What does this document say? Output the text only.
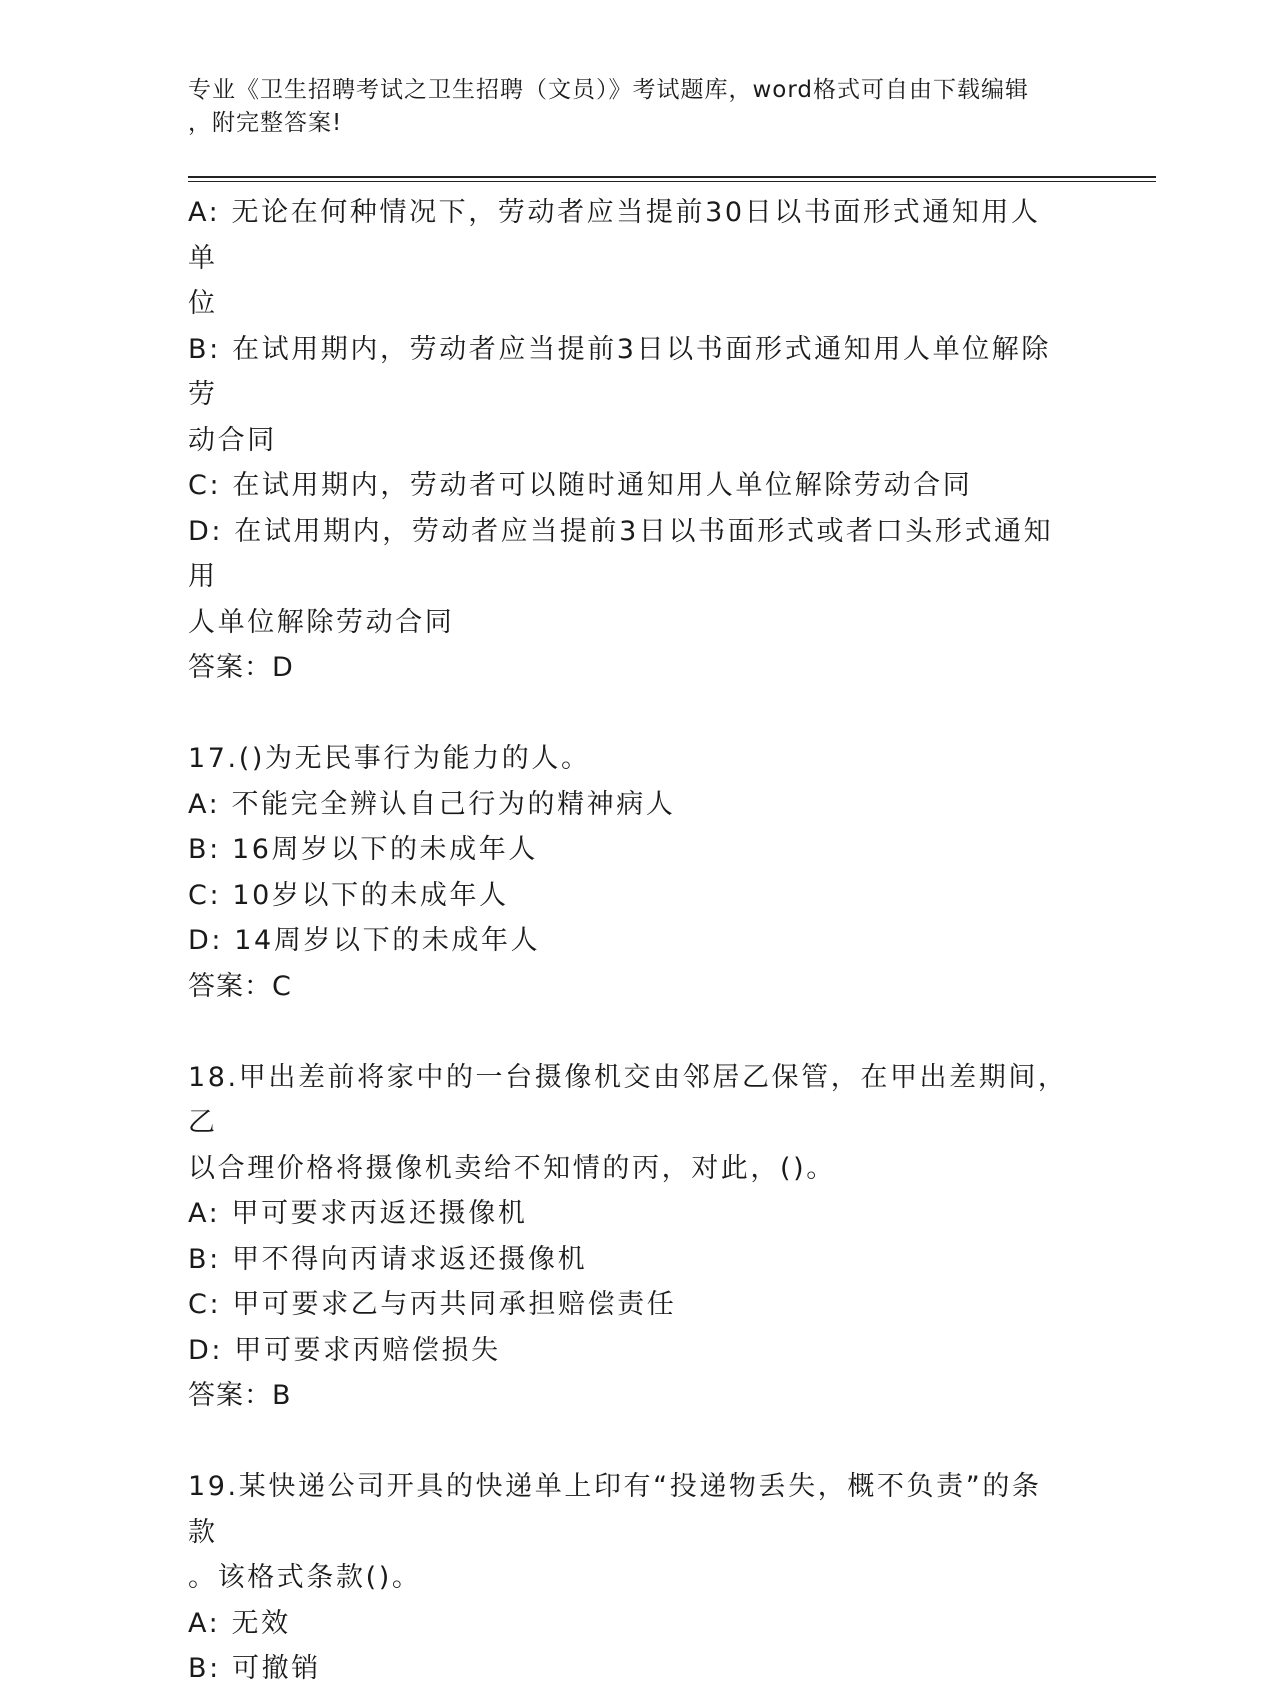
专业《卫生招聘考试之卫生招聘（文员）》考试题库，word格式可自由下载编辑
，附完整答案!
A: 无论在何种情况下，劳动者应当提前30日以书面形式通知用人单
位
B: 在试用期内，劳动者应当提前3日以书面形式通知用人单位解除劳
动合同
C: 在试用期内，劳动者可以随时通知用人单位解除劳动合同
D: 在试用期内，劳动者应当提前3日以书面形式或者口头形式通知用
人单位解除劳动合同
答案：D
17.()为无民事行为能力的人。
A: 不能完全辨认自己行为的精神病人
B: 16周岁以下的未成年人
C: 10岁以下的未成年人
D: 14周岁以下的未成年人
答案：C
18.甲出差前将家中的一台摄像机交由邻居乙保管，在甲出差期间，乙
以合理价格将摄像机卖给不知情的丙，对此，()。
A: 甲可要求丙返还摄像机
B: 甲不得向丙请求返还摄像机
C: 甲可要求乙与丙共同承担赔偿责任
D: 甲可要求丙赔偿损失
答案：B
19.某快递公司开具的快递单上印有“投递物丢失，概不负责”的条款
。该格式条款()。
A: 无效
B: 可撤销
